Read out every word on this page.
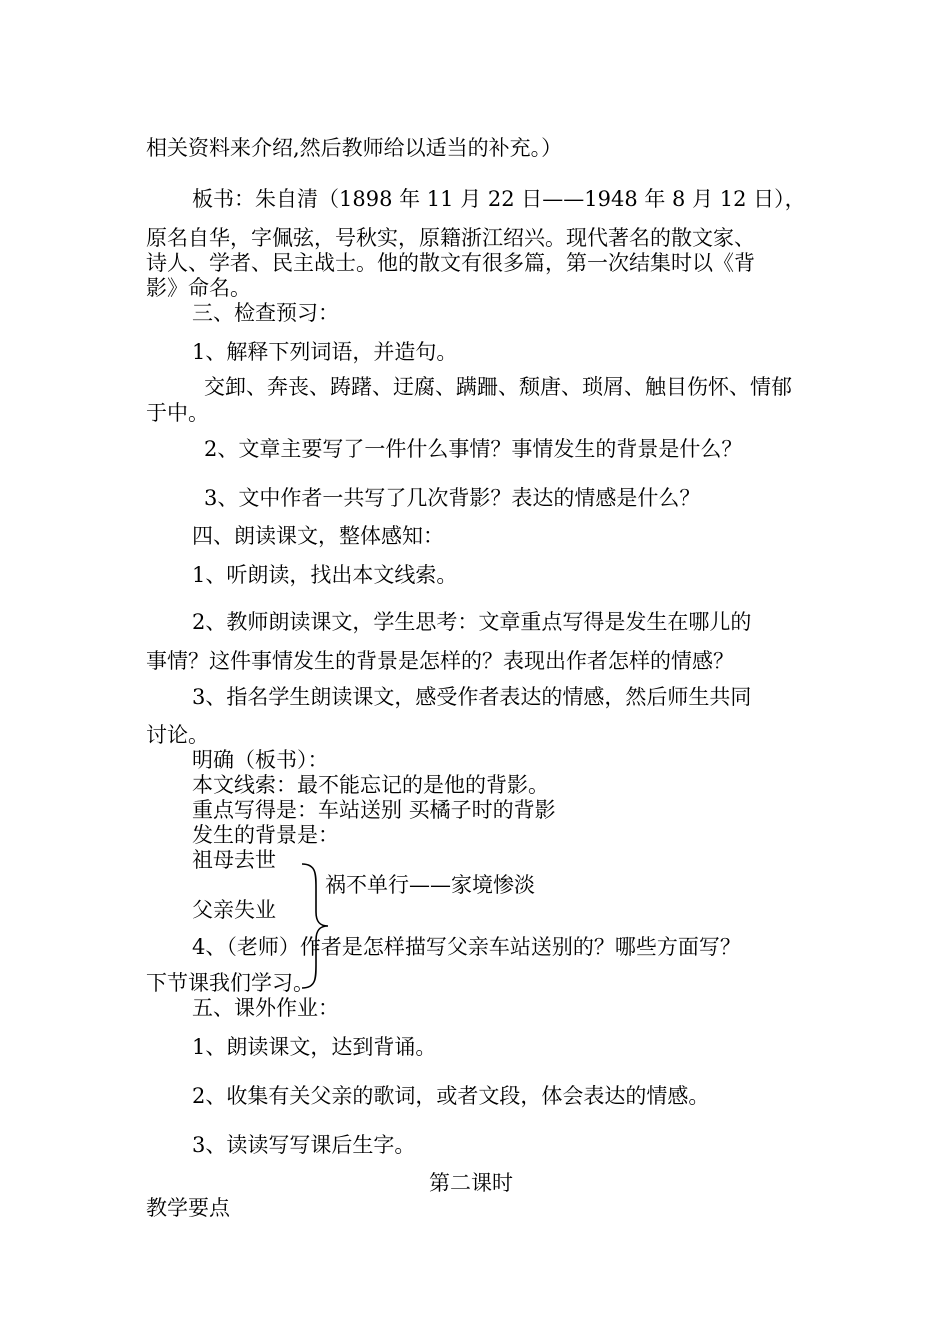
相关资料来介绍,然后教师给以适当的补充。）

板书：朱自清（1898 年 11 月 22 日——1948 年 8 月 12 日），

原名自华，字佩弦，号秋实，原籍浙江绍兴。现代著名的散文家、

诗人、学者、民主战士。他的散文有很多篇，第一次结集时以《背

影》命名。

三、检查预习：

1、解释下列词语，并造句。

交卸、奔丧、踌躇、迂腐、蹒跚、颓唐、琐屑、触目伤怀、情郁

于中。

2、文章主要写了一件什么事情？事情发生的背景是什么？

3、文中作者一共写了几次背影？表达的情感是什么？

四、朗读课文，整体感知：

1、听朗读，找出本文线索。

2、教师朗读课文，学生思考：文章重点写得是发生在哪儿的

事情？这件事情发生的背景是怎样的？表现出作者怎样的情感？

3、指名学生朗读课文，感受作者表达的情感，然后师生共同

讨论。

明确（板书）：

本文线索：最不能忘记的是他的背影。

重点写得是：车站送别 买橘子时的背影

发生的背景是：

祖母去世

祸不单行——家境惨淡

父亲失业

4、（老师）作者是怎样描写父亲车站送别的？哪些方面写？

下节课我们学习。

五、课外作业：

1、朗读课文，达到背诵。

2、收集有关父亲的歌词，或者文段，体会表达的情感。

3、读读写写课后生字。

第二课时

教学要点
